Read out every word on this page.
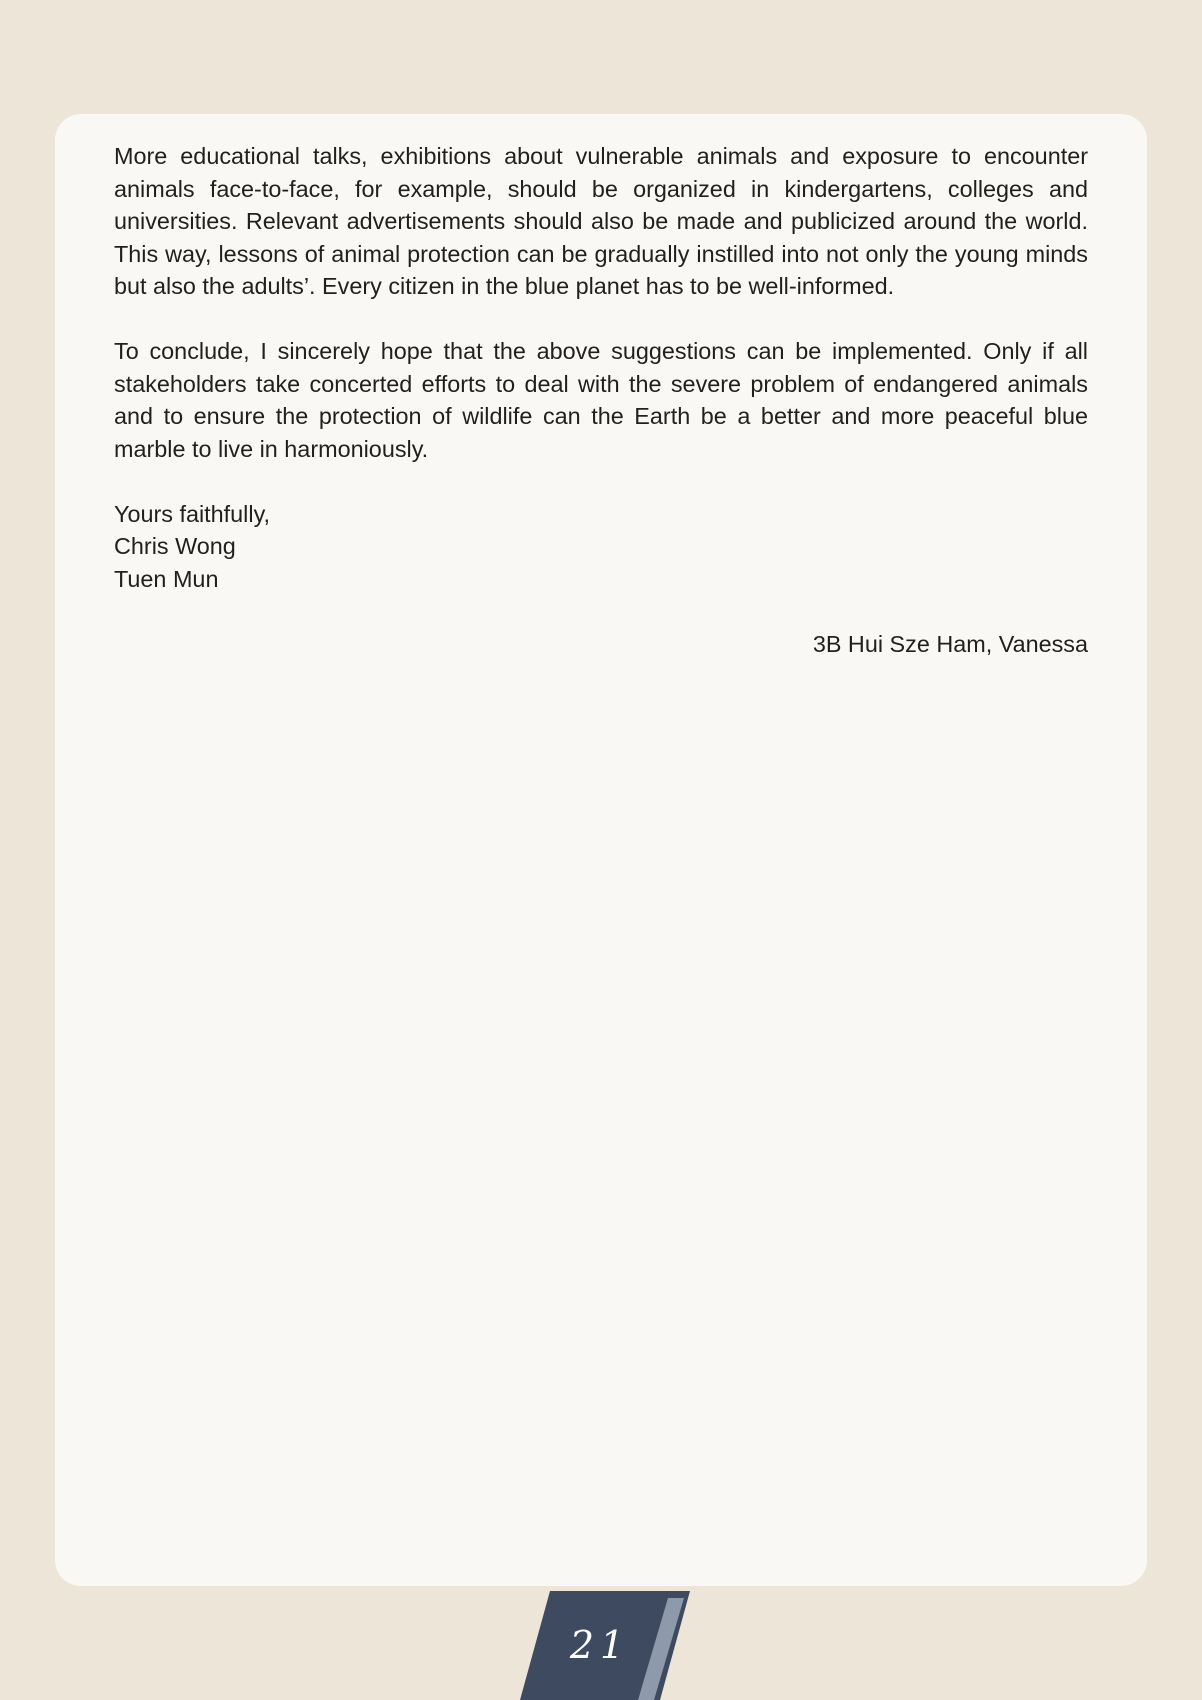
More educational talks, exhibitions about vulnerable animals and exposure to encounter animals face-to-face, for example, should be organized in kindergartens, colleges and universities. Relevant advertisements should also be made and publicized around the world. This way, lessons of animal protection can be gradually instilled into not only the young minds but also the adults’. Every citizen in the blue planet has to be well-informed.

To conclude, I sincerely hope that the above suggestions can be implemented. Only if all stakeholders take concerted efforts to deal with the severe problem of endangered animals and to ensure the protection of wildlife can the Earth be a better and more peaceful blue marble to live in harmoniously.

Yours faithfully,
Chris Wong
Tuen Mun
3B Hui Sze Ham, Vanessa
21
